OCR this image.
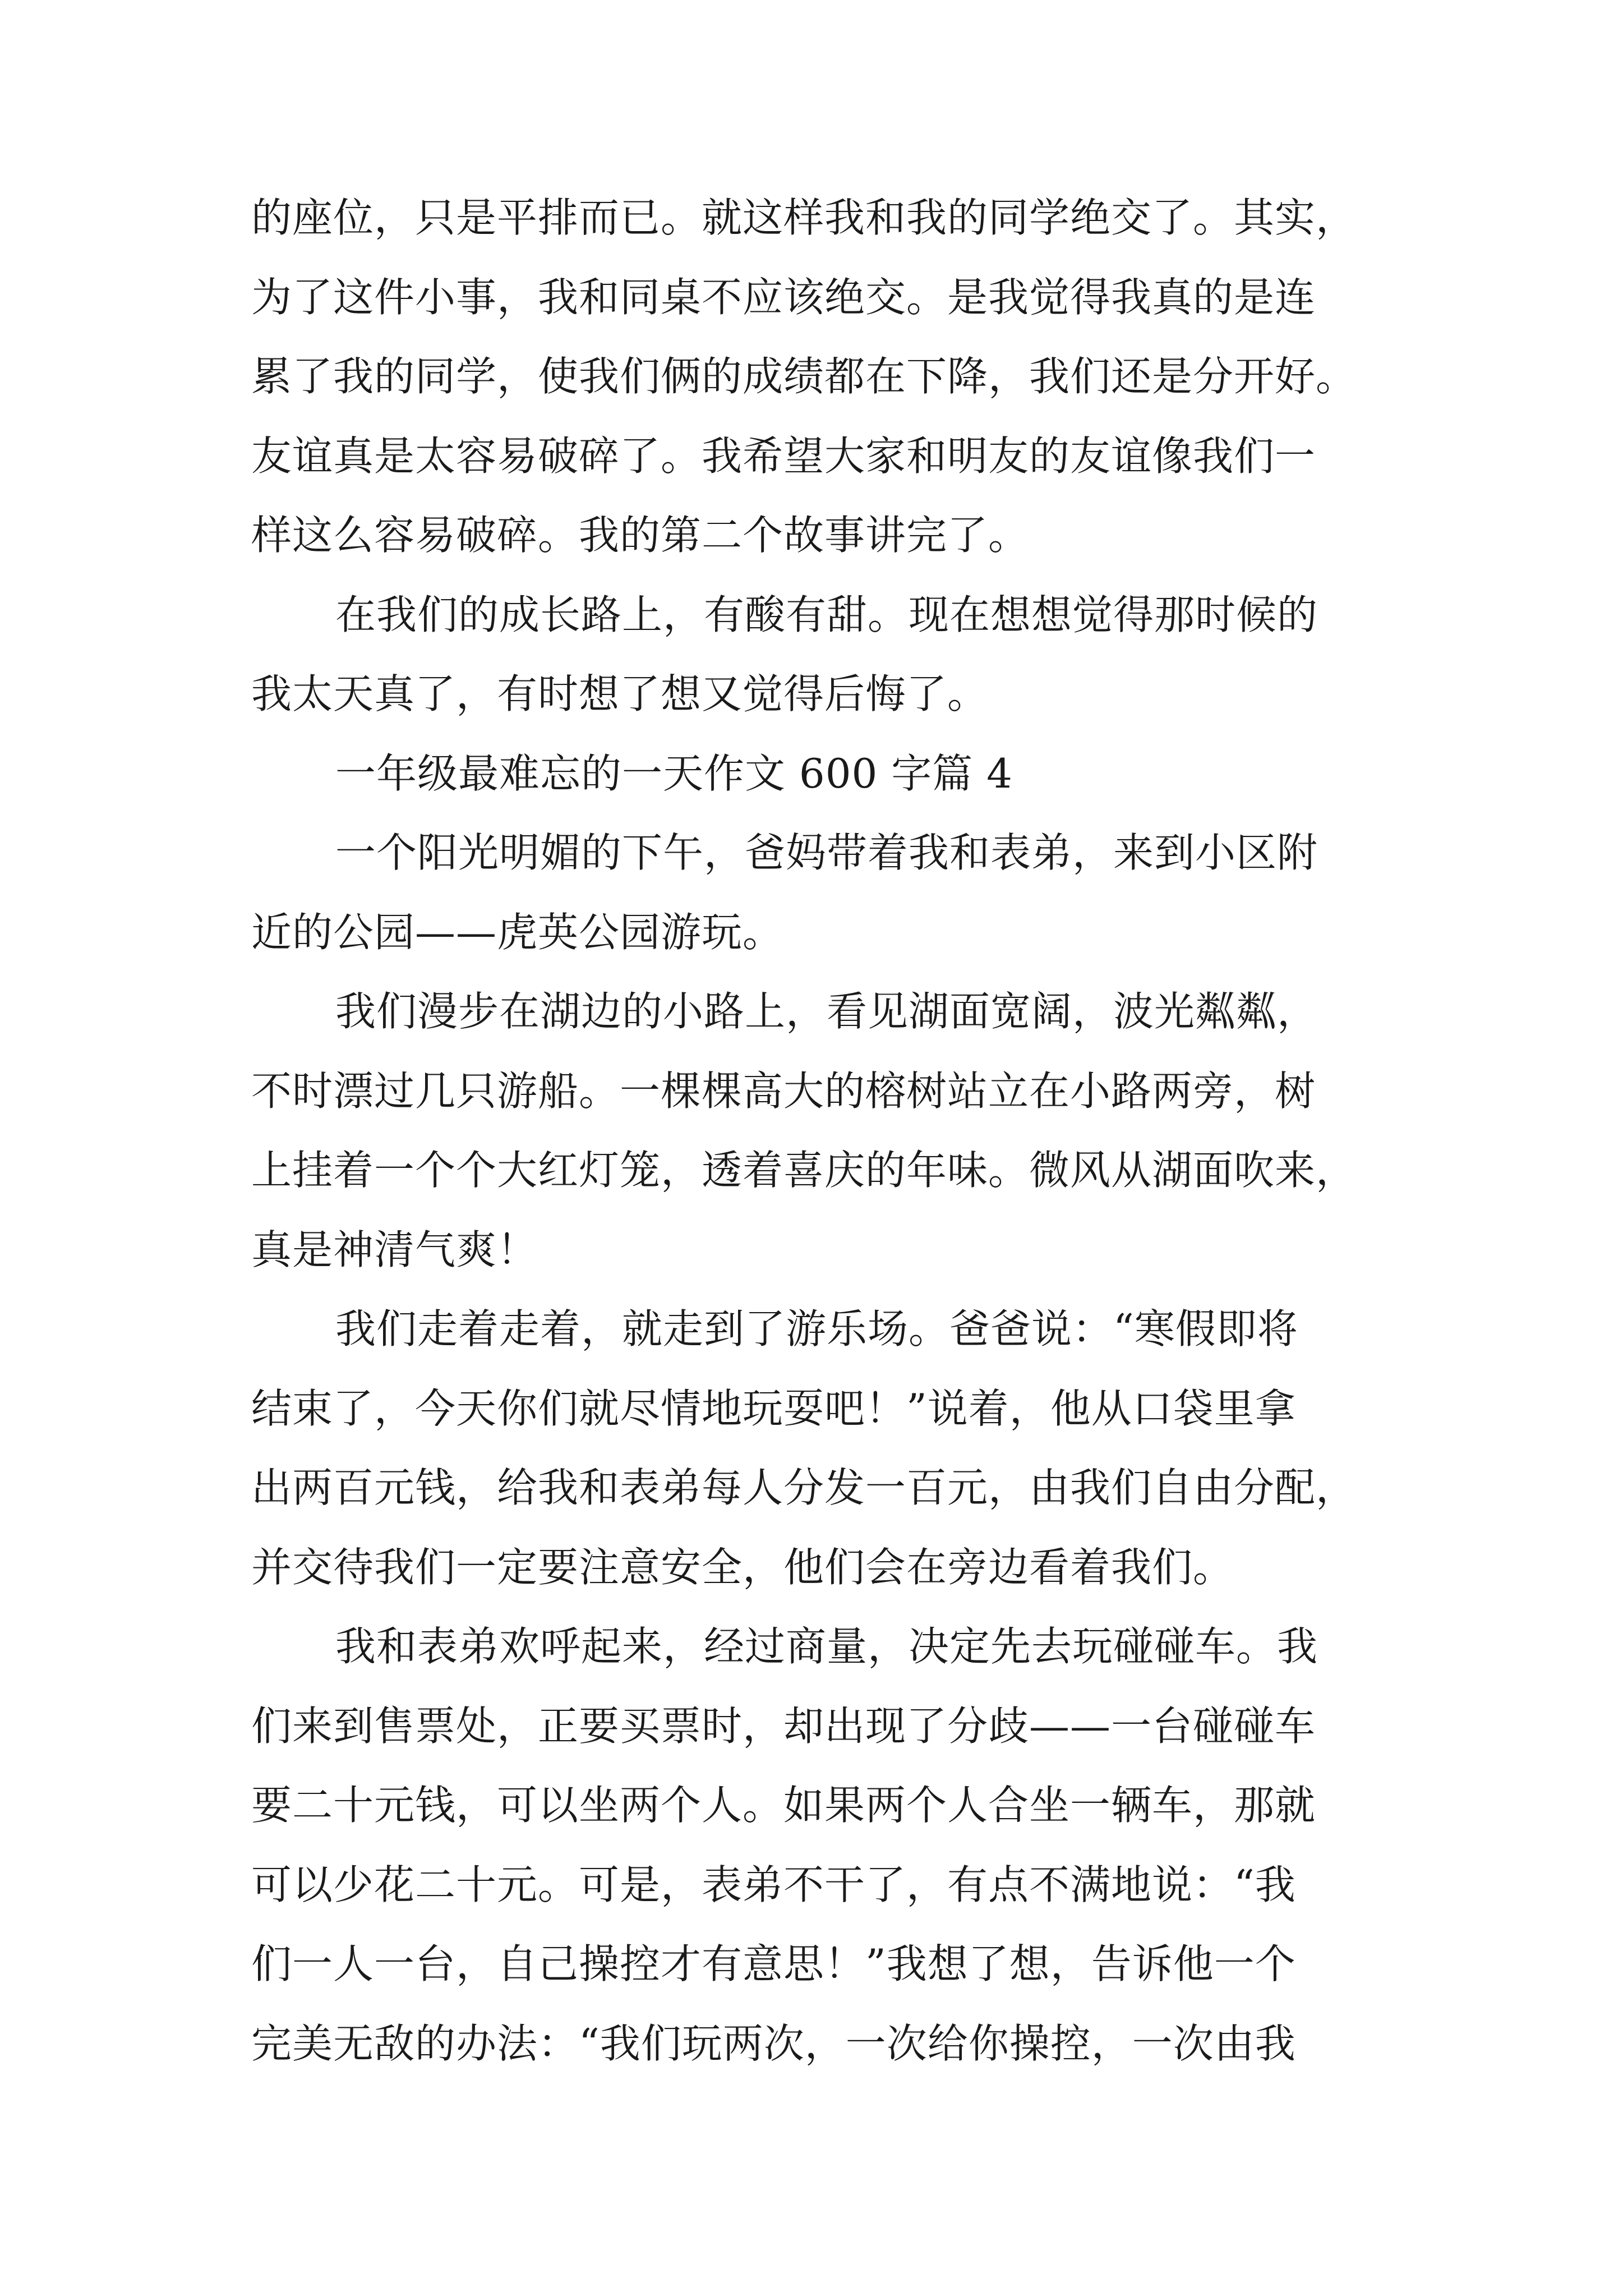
的座位，只是平排而已。就这样我和我的同学绝交了。其实，
为了这件小事，我和同桌不应该绝交。是我觉得我真的是连
累了我的同学，使我们俩的成绩都在下降，我们还是分开好。
友谊真是太容易破碎了。我希望大家和明友的友谊像我们一
样这么容易破碎。我的第二个故事讲完了。
在我们的成长路上，有酸有甜。现在想想觉得那时候的
我太天真了，有时想了想又觉得后悔了。
一年级最难忘的一天作文 600 字篇 4
一个阳光明媚的下午，爸妈带着我和表弟，来到小区附
近的公园——虎英公园游玩。
我们漫步在湖边的小路上，看见湖面宽阔，波光粼粼，
不时漂过几只游船。一棵棵高大的榕树站立在小路两旁，树
上挂着一个个大红灯笼，透着喜庆的年味。微风从湖面吹来，
真是神清气爽！
我们走着走着，就走到了游乐场。爸爸说：“寒假即将
结束了，今天你们就尽情地玩耍吧！”说着，他从口袋里拿
出两百元钱，给我和表弟每人分发一百元，由我们自由分配，
并交待我们一定要注意安全，他们会在旁边看着我们。
我和表弟欢呼起来，经过商量，决定先去玩碰碰车。我
们来到售票处，正要买票时，却出现了分歧——一台碰碰车
要二十元钱，可以坐两个人。如果两个人合坐一辆车，那就
可以少花二十元。可是，表弟不干了，有点不满地说：“我
们一人一台，自己操控才有意思！”我想了想，告诉他一个
完美无敌的办法：“我们玩两次，一次给你操控，一次由我
